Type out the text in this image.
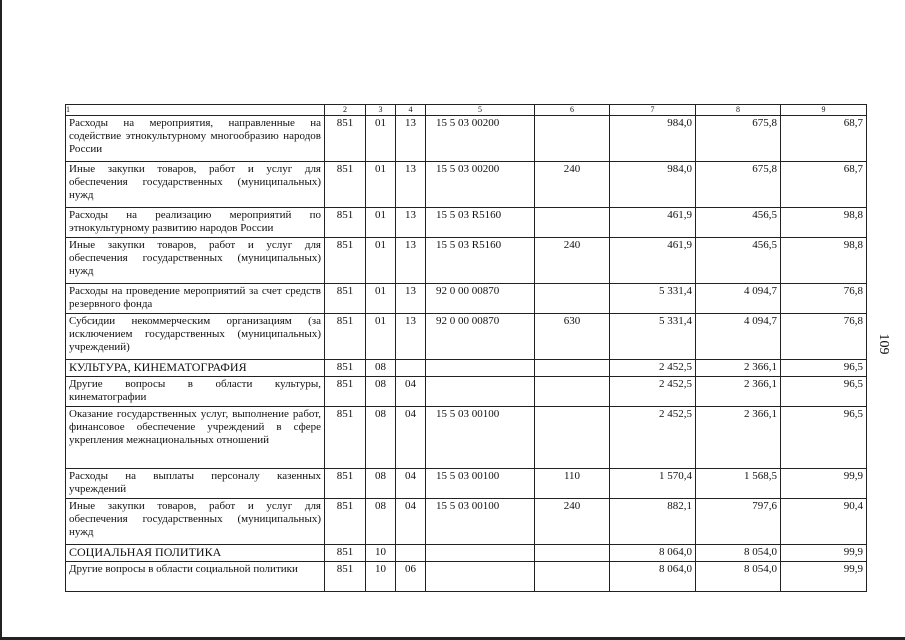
109
1	2	3	4	5	6	7	8	9
Расходы на мероприятия, направленные на содействие этнокультурному многообразию народов России	851	01	13	15 5 03 00200		984,0	675,8	68,7
Иные закупки товаров, работ и услуг для обеспечения государственных (муниципальных) нужд	851	01	13	15 5 03 00200	240	984,0	675,8	68,7
Расходы на реализацию мероприятий по этнокультурному развитию народов России	851	01	13	15 5 03 R5160		461,9	456,5	98,8
Иные закупки товаров, работ и услуг для обеспечения государственных (муниципальных) нужд	851	01	13	15 5 03 R5160	240	461,9	456,5	98,8
Расходы на проведение мероприятий за счет средств резервного фонда	851	01	13	92 0 00 00870		5 331,4	4 094,7	76,8
Субсидии некоммерческим организациям (за исключением государственных (муниципальных) учреждений)	851	01	13	92 0 00 00870	630	5 331,4	4 094,7	76,8
КУЛЬТУРА, КИНЕМАТОГРАФИЯ	851	08				2 452,5	2 366,1	96,5
Другие вопросы в области культуры, кинематографии	851	08	04			2 452,5	2 366,1	96,5
Оказание государственных услуг, выполнение работ, финансовое обеспечение учреждений в сфере укрепления межнациональных отношений	851	08	04	15 5 03 00100		2 452,5	2 366,1	96,5
Расходы на выплаты персоналу казенных учреждений	851	08	04	15 5 03 00100	110	1 570,4	1 568,5	99,9
Иные закупки товаров, работ и услуг для обеспечения государственных (муниципальных) нужд	851	08	04	15 5 03 00100	240	882,1	797,6	90,4
СОЦИАЛЬНАЯ ПОЛИТИКА	851	10				8 064,0	8 054,0	99,9
Другие вопросы в области социальной политики	851	10	06			8 064,0	8 054,0	99,9
